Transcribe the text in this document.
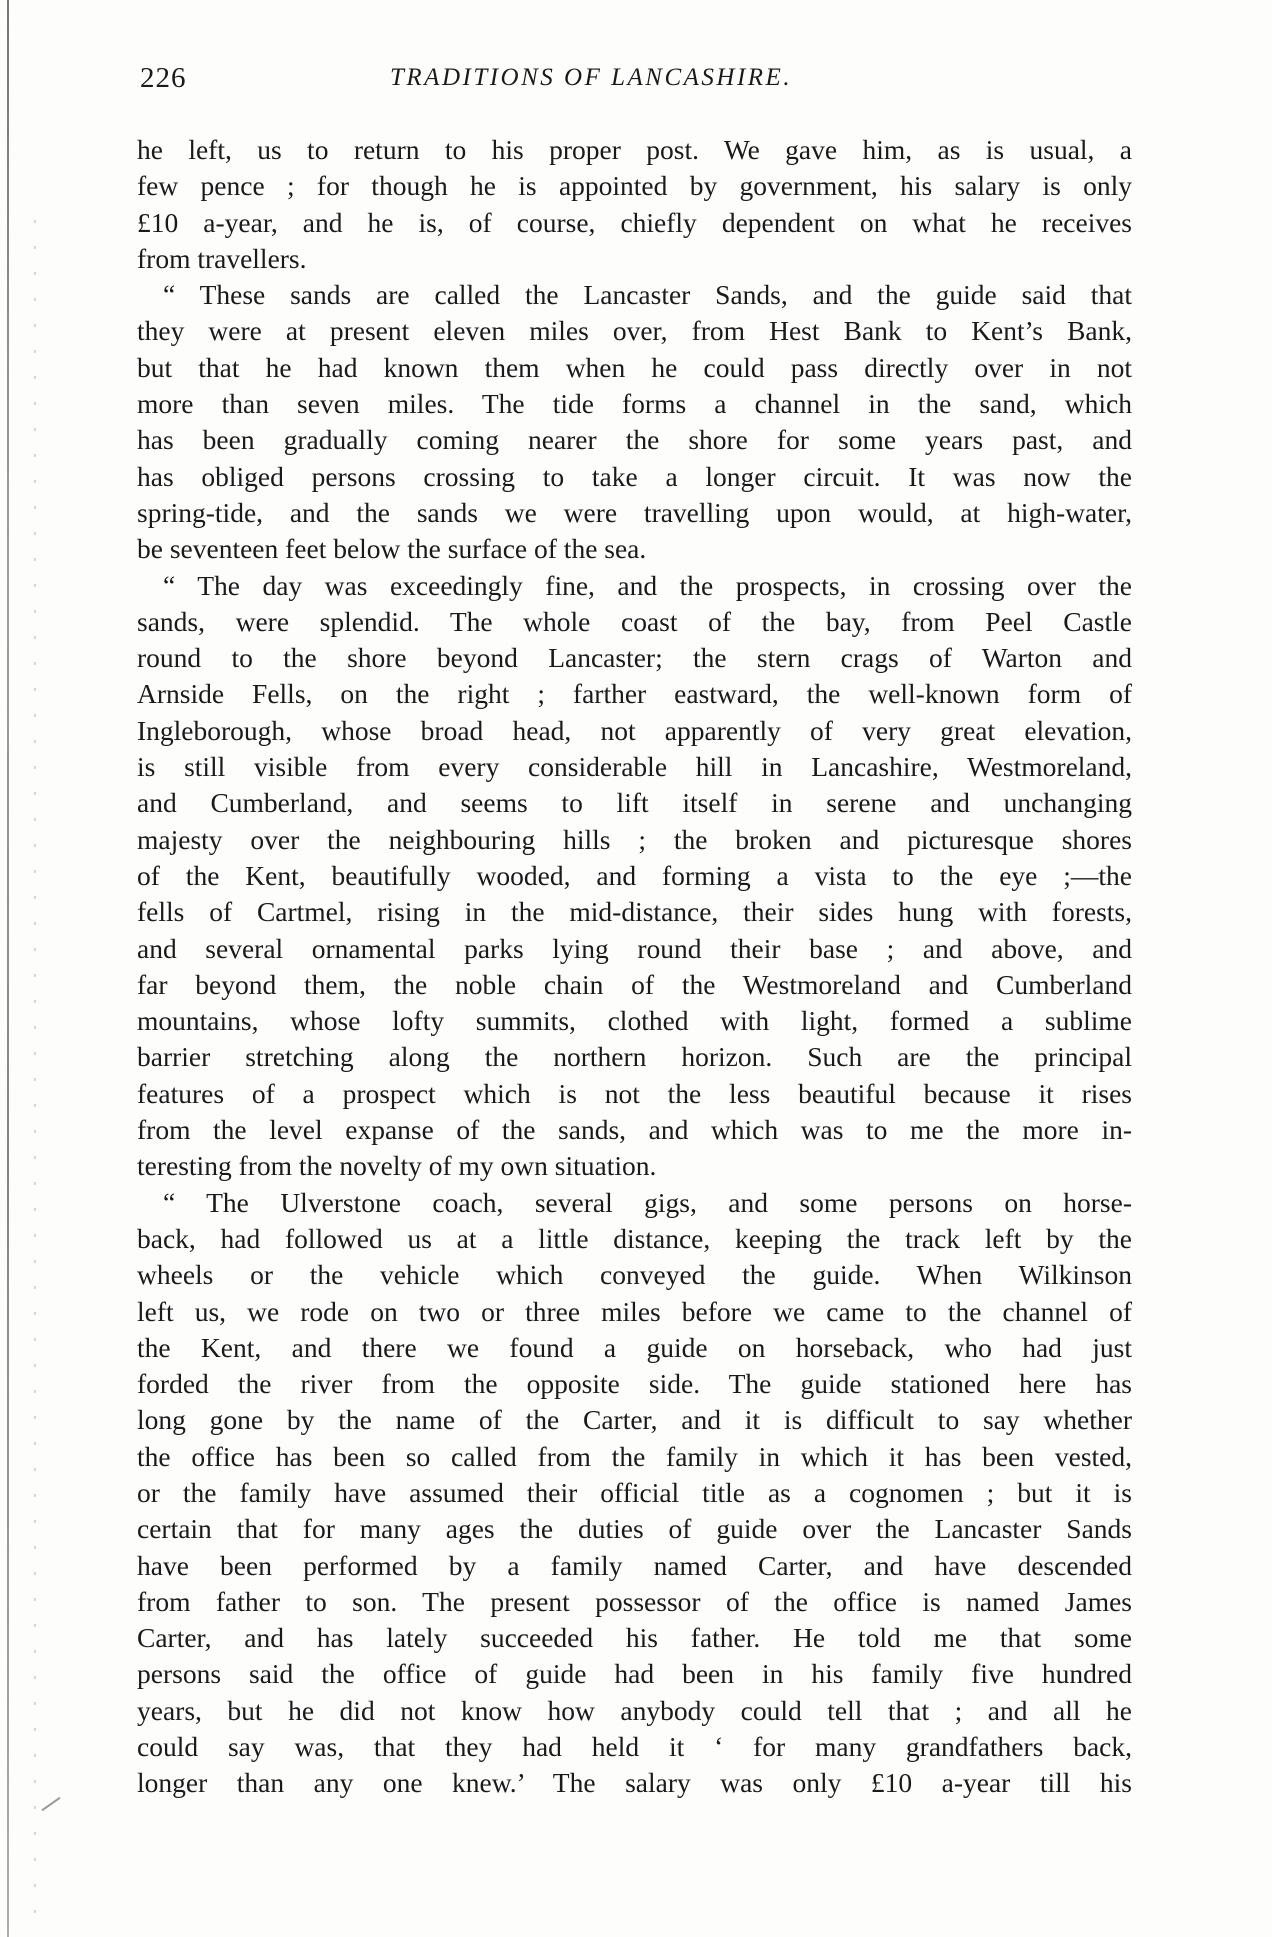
226	TRADITIONS OF LANCASHIRE.
he left, us to return to his proper post. We gave him, as is usual, a
few pence ; for though he is appointed by government, his salary is only
£10 a-year, and he is, of course, chiefly dependent on what he receives
from travellers.
“ These sands are called the Lancaster Sands, and the guide said that
they were at present eleven miles over, from Hest Bank to Kent’s Bank,
but that he had known them when he could pass directly over in not
more than seven miles. The tide forms a channel in the sand, which
has been gradually coming nearer the shore for some years past, and
has obliged persons crossing to take a longer circuit. It was now the
spring-tide, and the sands we were travelling upon would, at high-water,
be seventeen feet below the surface of the sea.
“ The day was exceedingly fine, and the prospects, in crossing over the
sands, were splendid. The whole coast of the bay, from Peel Castle
round to the shore beyond Lancaster; the stern crags of Warton and
Arnside Fells, on the right ; farther eastward, the well-known form of
Ingleborough, whose broad head, not apparently of very great elevation,
is still visible from every considerable hill in Lancashire, Westmoreland,
and Cumberland, and seems to lift itself in serene and unchanging
majesty over the neighbouring hills ; the broken and picturesque shores
of the Kent, beautifully wooded, and forming a vista to the eye ;—the
fells of Cartmel, rising in the mid-distance, their sides hung with forests,
and several ornamental parks lying round their base ; and above, and
far beyond them, the noble chain of the Westmoreland and Cumberland
mountains, whose lofty summits, clothed with light, formed a sublime
barrier stretching along the northern horizon. Such are the principal
features of a prospect which is not the less beautiful because it rises
from the level expanse of the sands, and which was to me the more in-
teresting from the novelty of my own situation.
“ The Ulverstone coach, several gigs, and some persons on horse-
back, had followed us at a little distance, keeping the track left by the
wheels or the vehicle which conveyed the guide. When Wilkinson
left us, we rode on two or three miles before we came to the channel of
the Kent, and there we found a guide on horseback, who had just
forded the river from the opposite side. The guide stationed here has
long gone by the name of the Carter, and it is difficult to say whether
the office has been so called from the family in which it has been vested,
or the family have assumed their official title as a cognomen ; but it is
certain that for many ages the duties of guide over the Lancaster Sands
have been performed by a family named Carter, and have descended
from father to son. The present possessor of the office is named James
Carter, and has lately succeeded his father. He told me that some
persons said the office of guide had been in his family five hundred
years, but he did not know how anybody could tell that ; and all he
could say was, that they had held it ‘ for many grandfathers back,
longer than any one knew.’ The salary was only £10 a-year till his
